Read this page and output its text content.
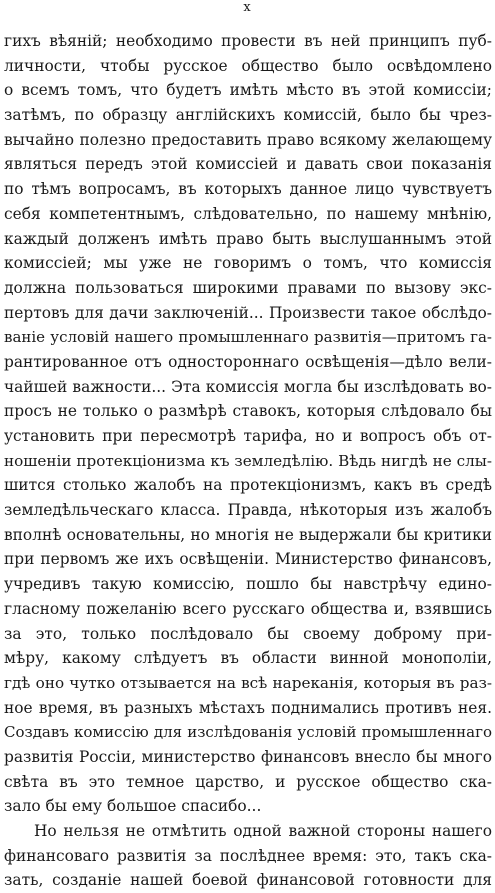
x
гихъ вѣяній; необходимо провести въ ней принципъ пуб-
личности, чтобы русское общество было освѣдомлено
о всемъ томъ, что будетъ имѣть мѣсто въ этой комиссіи;
затѣмъ, по образцу англійскихъ комиссій, было бы чрез-
вычайно полезно предоставить право всякому желающему
являться передъ этой комиссіей и давать свои показанія
по тѣмъ вопросамъ, въ которыхъ данное лицо чувствуетъ
себя компетентнымъ, слѣдовательно, по нашему мнѣнію,
каждый долженъ имѣть право быть выслушаннымъ этой
комиссіей; мы уже не говоримъ о томъ, что комиссія
должна пользоваться широкими правами по вызову экс-
пертовъ для дачи заключеній... Произвести такое обслѣдо-
ваніе условій нашего промышленнаго развитія—притомъ га-
рантированное отъ одностороннаго освѣщенія—дѣло вели-
чайшей важности... Эта комиссія могла бы изслѣдовать во-
просъ не только о размѣрѣ ставокъ, которыя слѣдовало бы
установить при пересмотрѣ тарифа, но и вопросъ объ от-
ношеніи протекціонизма къ земледѣлію. Вѣдь нигдѣ не слы-
шится столько жалобъ на протекціонизмъ, какъ въ средѣ
земледѣльческаго класса. Правда, нѣкоторыя изъ жалобъ
вполнѣ основательны, но многія не выдержали бы критики
при первомъ же ихъ освѣщеніи. Министерство финансовъ,
учредивъ такую комиссію, пошло бы навстрѣчу едино-
гласному пожеланію всего русскаго общества и, взявшись
за это, только послѣдовало бы своему доброму при-
мѣру, какому слѣдуетъ въ области винной монополіи,
гдѣ оно чутко отзывается на всѣ нареканія, которыя въ раз-
ное время, въ разныхъ мѣстахъ поднимались противъ нея.
Создавъ комиссію для изслѣдованія условій промышленнаго
развитія Россіи, министерство финансовъ внесло бы много
свѣта въ это темное царство, и русское общество ска-
зало бы ему большое спасибо...
Но нельзя не отмѣтить одной важной стороны нашего
финансоваго развитія за послѣднее время: это, такъ ска-
зать, созданіе нашей боевой финансовой готовности для
